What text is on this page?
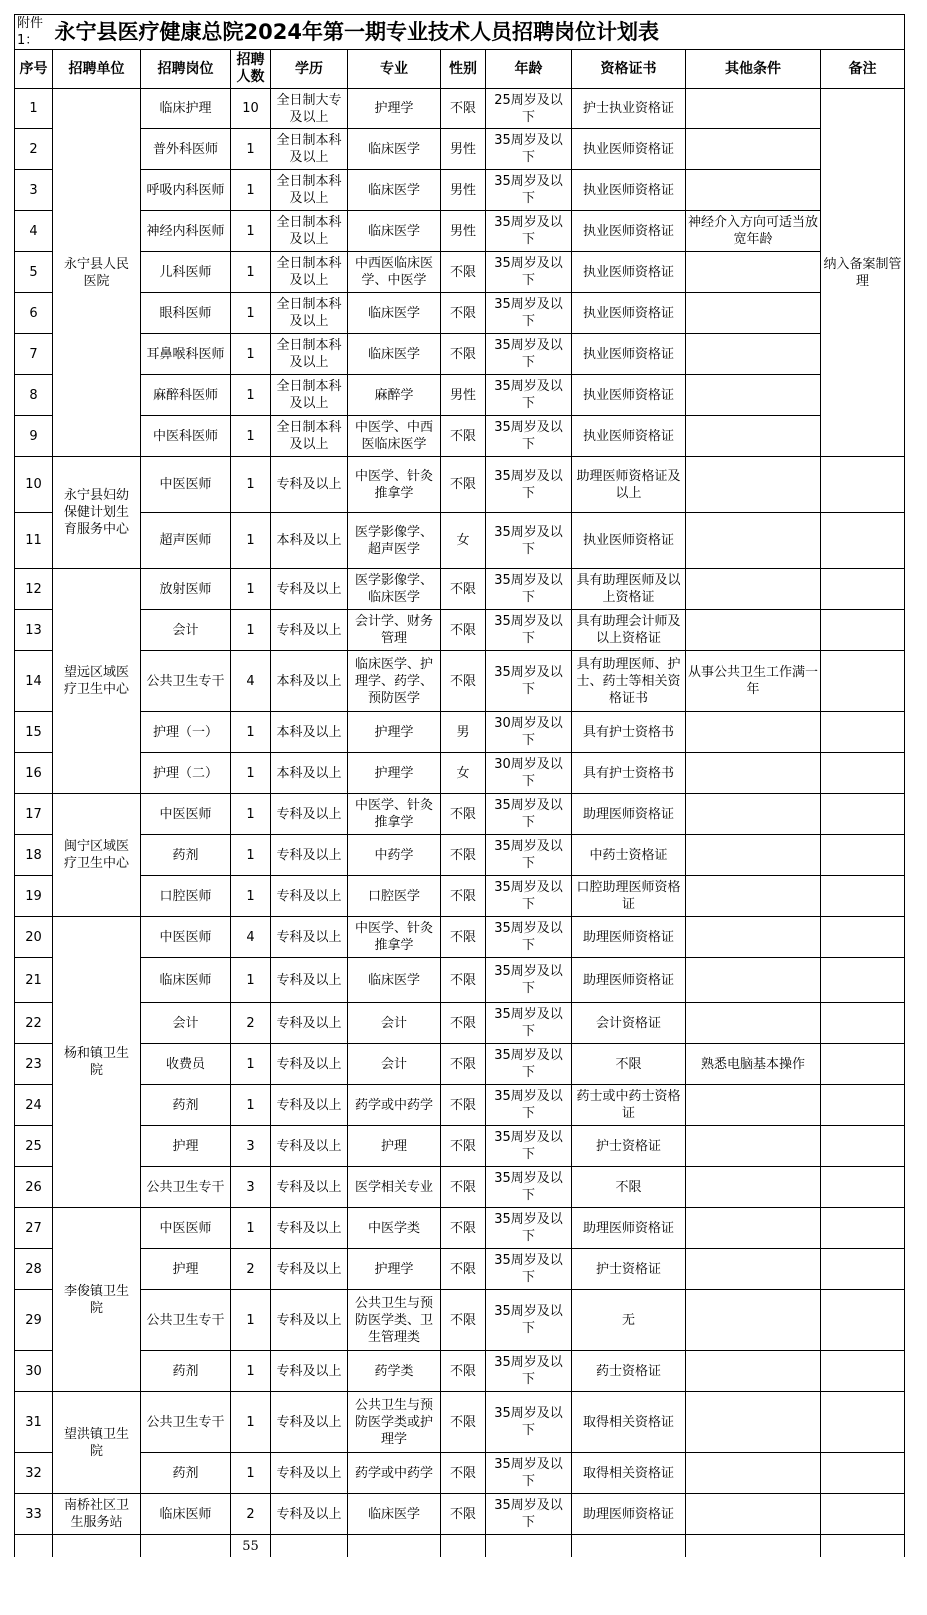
附件1：	永宁县医疗健康总院2024年第一期专业技术人员招聘岗位计划表									
序号	招聘单位	招聘岗位	招聘人数	学历	专业	性别	年龄	资格证书	其他条件	备注
1	永宁县人民医院	临床护理	10	全日制大专及以上	护理学	不限	25周岁及以下	护士执业资格证		纳入备案制管理
2		普外科医师	1	全日制本科及以上	临床医学	男性	35周岁及以下	执业医师资格证		
3		呼吸内科医师	1	全日制本科及以上	临床医学	男性	35周岁及以下	执业医师资格证		
4		神经内科医师	1	全日制本科及以上	临床医学	男性	35周岁及以下	执业医师资格证	神经介入方向可适当放宽年龄	
5		儿科医师	1	全日制本科及以上	中西医临床医学、中医学	不限	35周岁及以下	执业医师资格证		
6		眼科医师	1	全日制本科及以上	临床医学	不限	35周岁及以下	执业医师资格证		
7		耳鼻喉科医师	1	全日制本科及以上	临床医学	不限	35周岁及以下	执业医师资格证		
8		麻醉科医师	1	全日制本科及以上	麻醉学	男性	35周岁及以下	执业医师资格证		
9		中医科医师	1	全日制本科及以上	中医学、中西医临床医学	不限	35周岁及以下	执业医师资格证		
10	永宁县妇幼保健计划生育服务中心	中医医师	1	专科及以上	中医学、针灸推拿学	不限	35周岁及以下	助理医师资格证及以上		
11		超声医师	1	本科及以上	医学影像学、超声医学	女	35周岁及以下	执业医师资格证		
12	望远区域医疗卫生中心	放射医师	1	专科及以上	医学影像学、临床医学	不限	35周岁及以下	具有助理医师及以上资格证		
13		会计	1	专科及以上	会计学、财务管理	不限	35周岁及以下	具有助理会计师及以上资格证		
14		公共卫生专干	4	本科及以上	临床医学、护理学、药学、预防医学	不限	35周岁及以下	具有助理医师、护士、药士等相关资格证书	从事公共卫生工作满一年	
15		护理（一）	1	本科及以上	护理学	男	30周岁及以下	具有护士资格书		
16		护理（二）	1	本科及以上	护理学	女	30周岁及以下	具有护士资格书		
17	闽宁区域医疗卫生中心	中医医师	1	专科及以上	中医学、针灸推拿学	不限	35周岁及以下	助理医师资格证		
18		药剂	1	专科及以上	中药学	不限	35周岁及以下	中药士资格证		
19		口腔医师	1	专科及以上	口腔医学	不限	35周岁及以下	口腔助理医师资格证		
20	杨和镇卫生院	中医医师	4	专科及以上	中医学、针灸推拿学	不限	35周岁及以下	助理医师资格证		
21		临床医师	1	专科及以上	临床医学	不限	35周岁及以下	助理医师资格证		
22		会计	2	专科及以上	会计	不限	35周岁及以下	会计资格证		
23		收费员	1	专科及以上	会计	不限	35周岁及以下	不限	熟悉电脑基本操作	
24		药剂	1	专科及以上	药学或中药学	不限	35周岁及以下	药士或中药士资格证		
25		护理	3	专科及以上	护理	不限	35周岁及以下	护士资格证		
26		公共卫生专干	3	专科及以上	医学相关专业	不限	35周岁及以下	不限		
27	李俊镇卫生院	中医医师	1	专科及以上	中医学类	不限	35周岁及以下	助理医师资格证		
28		护理	2	专科及以上	护理学	不限	35周岁及以下	护士资格证		
29		公共卫生专干	1	专科及以上	公共卫生与预防医学类、卫生管理类	不限	35周岁及以下	无		
30		药剂	1	专科及以上	药学类	不限	35周岁及以下	药士资格证		
31	望洪镇卫生院	公共卫生专干	1	专科及以上	公共卫生与预防医学类或护理学	不限	35周岁及以下	取得相关资格证		
32		药剂	1	专科及以上	药学或中药学	不限	35周岁及以下	取得相关资格证		
33	南桥社区卫生服务站	临床医师	2	专科及以上	临床医学	不限	35周岁及以下	助理医师资格证		
			55							
